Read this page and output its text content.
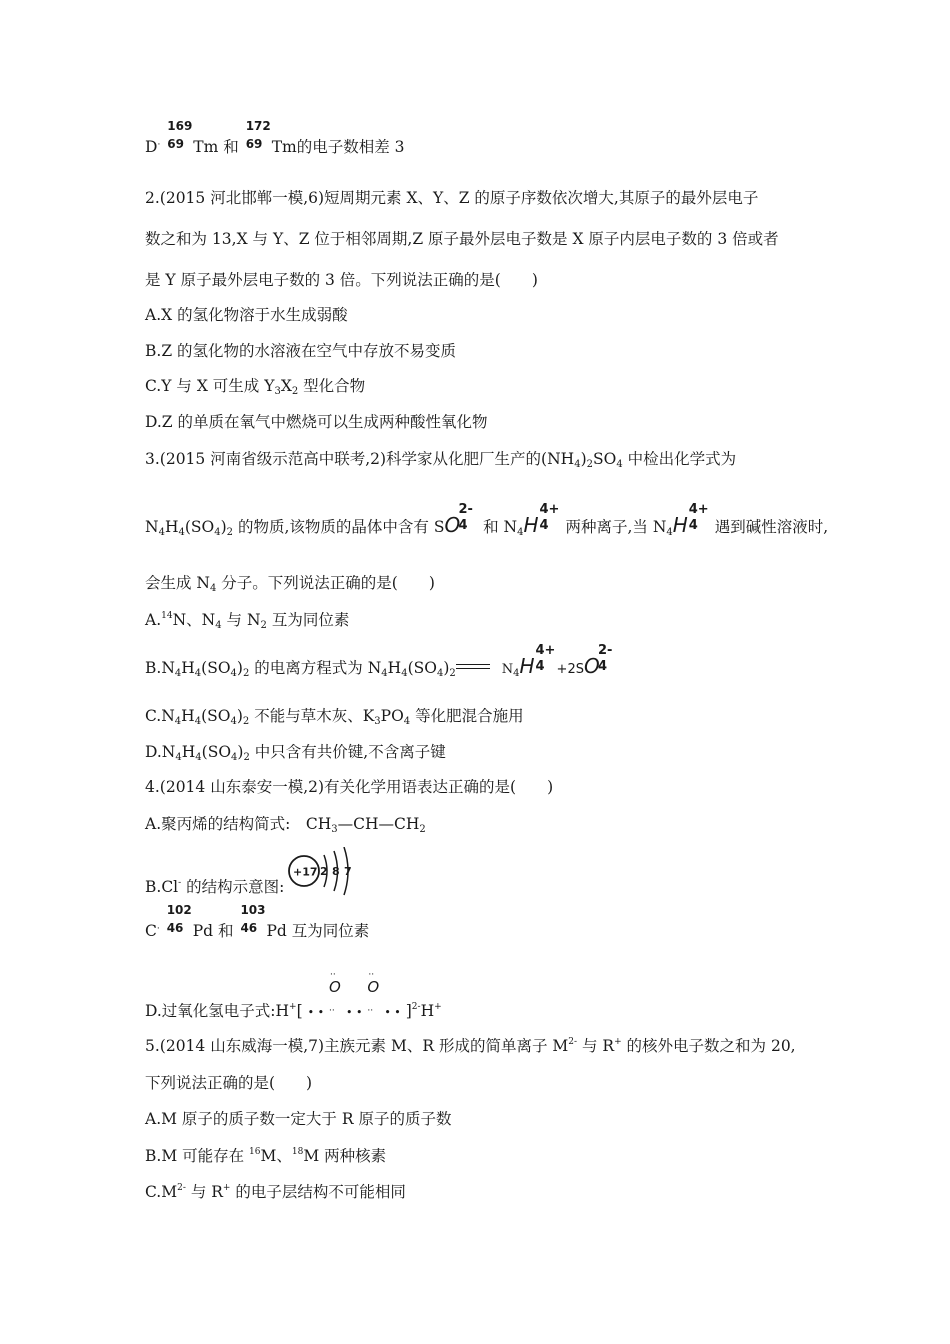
D·
169
69 Tm 和
172
69 Tm的电子数相差 3
2.(2015 河北邯郸一模,6)短周期元素 X、Y、Z 的原子序数依次增大,其原子的最外层电子
数之和为 13,X 与 Y、Z 位于相邻周期,Z 原子最外层电子数是 X 原子内层电子数的 3 倍或者
是 Y 原子最外层电子数的 3 倍。下列说法正确的是(　　)
A.X 的氢化物溶于水生成弱酸
B.Z 的氢化物的水溶液在空气中存放不易变质
C.Y 与 X 可生成 Y3X2 型化合物
D.Z 的单质在氧气中燃烧可以生成两种酸性氧化物
3.(2015 河南省级示范高中联考,2)科学家从化肥厂生产的(NH4)2SO4 中检出化学式为
N4H4(SO4)2 的物质,该物质的晶体中含有 SO
2-
4 和 N4H
4+
4 两种离子,当 N4H
4+
4 遇到碱性溶液时,
会生成 N4 分子。下列说法正确的是(　　)
A.$^{14}$N、N4 与 N2 互为同位素
B.N4H4(SO4)2 的电离方程式为 N4H4(SO4)2	N4H
4+
4 +2SO
2-
4
C.N4H4(SO4)2 不能与草木灰、K3PO4 等化肥混合施用
D.N4H4(SO4)2 中只含有共价键,不含离子键
4.(2014 山东泰安一模,2)有关化学用语表达正确的是(　　)
A.聚丙烯的结构简式:　CH3—CH—CH2
B.Cl- 的结构示意图:
+17 2 8 7
C·
102
46 Pd 和
103
46 Pd 互为同位素
D.过氧化氢电子式:H+[ • •
O
··
·· • •
O
··
·· • • ]$^{2-}$H+
5.(2014 山东威海一模,7)主族元素 M、R 形成的简单离子 $M^{2-}$ 与 R+ 的核外电子数之和为 20,
下列说法正确的是(　　)
A.M 原子的质子数一定大于 R 原子的质子数
B.M 可能存在 $^{16}$M、$^{18}$M 两种核素
$C.M^{2-}$ 与 R+ 的电子层结构不可能相同
